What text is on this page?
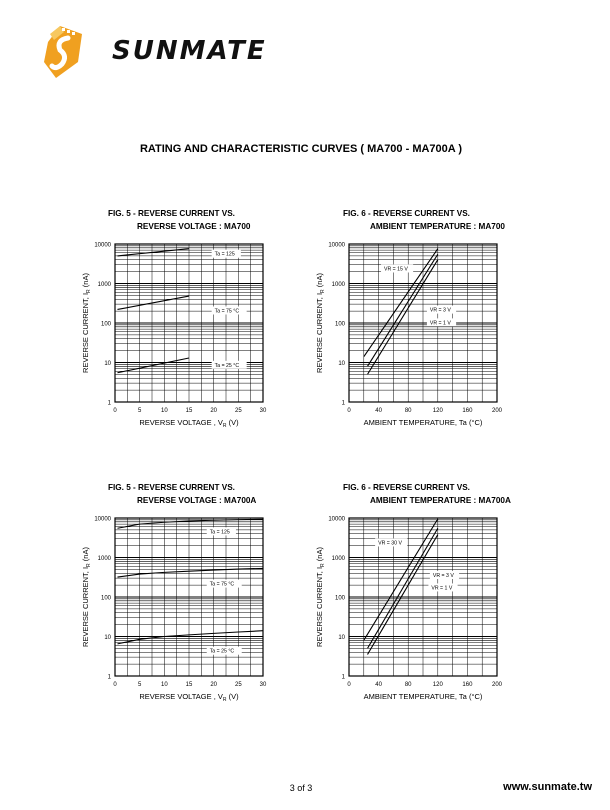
SUNMATE
RATING AND CHARACTERISTIC CURVES ( MA700 - MA700A )
FIG. 5 - REVERSE CURRENT VS.
REVERSE VOLTAGE : MA700
FIG. 6 - REVERSE CURRENT VS.
AMBIENT TEMPERATURE : MA700
FIG. 5 - REVERSE CURRENT VS.
REVERSE VOLTAGE : MA700A
FIG. 6 - REVERSE CURRENT VS.
AMBIENT TEMPERATURE : MA700A
1
10
100
1000
10000
0	5	10	15	20	25	30
REVERSE VOLTAGE , $V_R$ (V)
REVERSE CURRENT, $I_R$ (nA)
Ta = 125
Ta = 75 °C
Ta = 25 °C
1
10
100
1000
10000
0	40	80	120	160	200
AMBIENT TEMPERATURE, Ta (°C)
REVERSE CURRENT, $I_R$ (nA)
VR = 15 V
VR = 3 V
VR = 1 V
1
10
100
1000
10000
0	5	10	15	20	25	30
REVERSE VOLTAGE , $V_R$ (V)
REVERSE CURRENT, $I_R$ (nA)
Ta = 125
Ta = 75 °C
Ta = 25 °C
1
10
100
1000
10000
0	40	80	120	160	200
AMBIENT TEMPERATURE, Ta (°C)
REVERSE CURRENT, $I_R$ (nA)
VR = 30 V
VR = 3 V
VR = 1 V
3 of 3	www.sunmate.tw
